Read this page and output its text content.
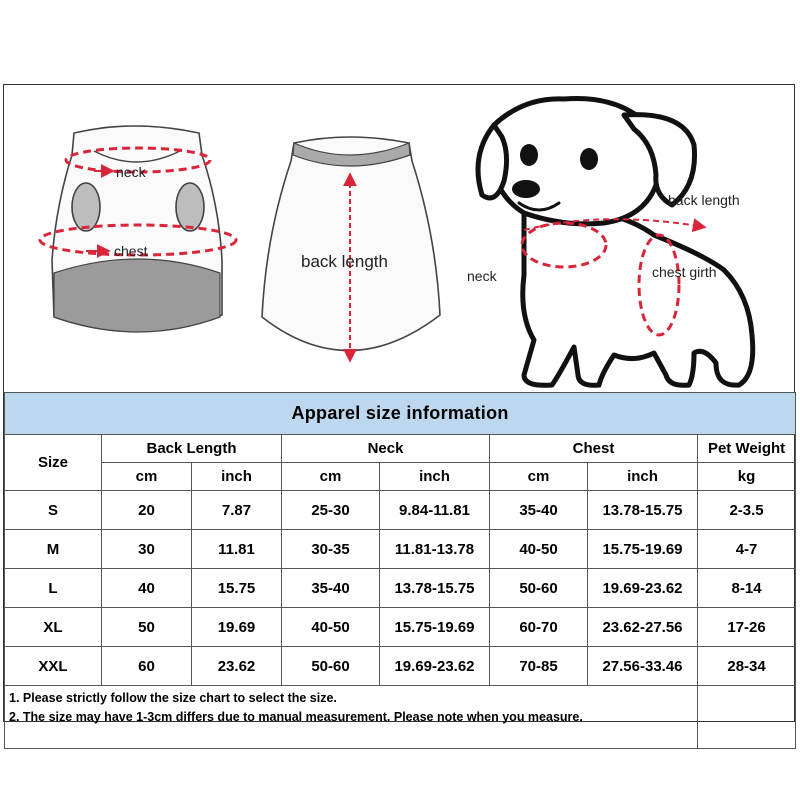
neck
chest
back length
back length
neck	chest girth
Apparel size information							
Size	Back Length		Neck		Chest		Pet Weight
	cm	inch	cm	inch	cm	inch	kg
S	20	7.87	25-30	9.84-11.81	35-40	13.78-15.75	2-3.5
M	30	11.81	30-35	11.81-13.78	40-50	15.75-19.69	4-7
L	40	15.75	35-40	13.78-15.75	50-60	19.69-23.62	8-14
XL	50	19.69	40-50	15.75-19.69	60-70	23.62-27.56	17-26
XXL	60	23.62	50-60	19.69-23.62	70-85	27.56-33.46	28-34

1. Please strictly follow the size chart to select the size.
2. The size may have 1-3cm differs due to manual measurement. Please note when you measure.							
